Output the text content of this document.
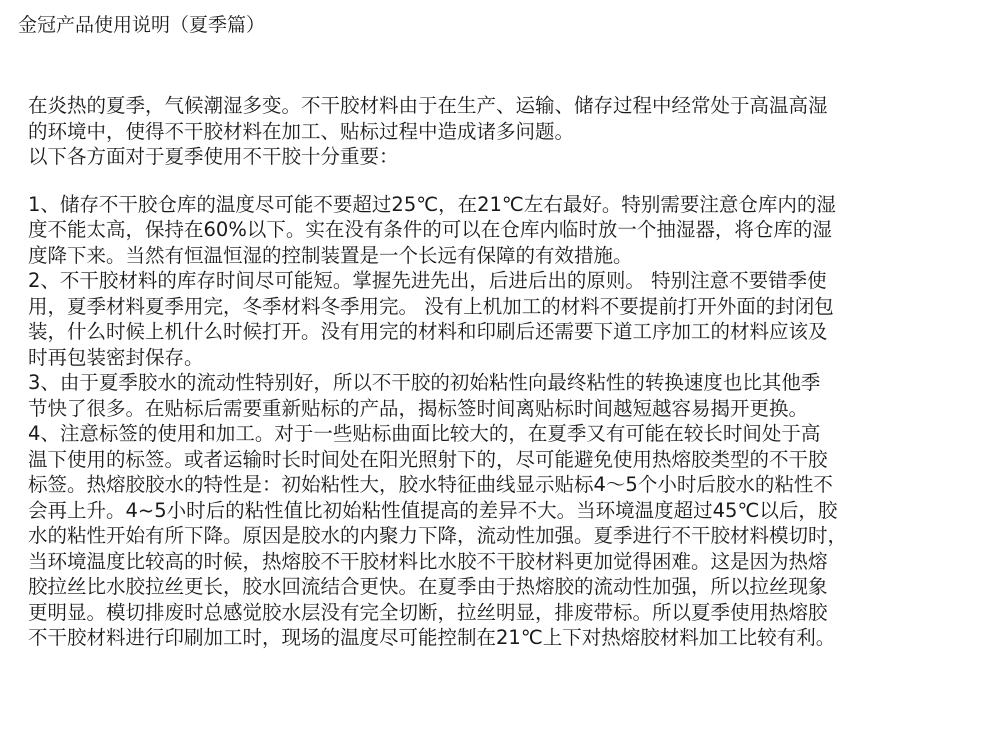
金冠产品使用说明（夏季篇）
在炎热的夏季，气候潮湿多变。不干胶材料由于在生产、运输、储存过程中经常处于高温高湿
的环境中，使得不干胶材料在加工、贴标过程中造成诸多问题。
以下各方面对于夏季使用不干胶十分重要：
1、储存不干胶仓库的温度尽可能不要超过25℃，在21℃左右最好。特别需要注意仓库内的湿
度不能太高，保持在60%以下。实在没有条件的可以在仓库内临时放一个抽湿器，将仓库的湿
度降下来。当然有恒温恒湿的控制装置是一个长远有保障的有效措施。
2、不干胶材料的库存时间尽可能短。掌握先进先出，后进后出的原则。 特别注意不要错季使
用，夏季材料夏季用完，冬季材料冬季用完。 没有上机加工的材料不要提前打开外面的封闭包
装，什么时候上机什么时候打开。没有用完的材料和印刷后还需要下道工序加工的材料应该及
时再包装密封保存。
3、由于夏季胶水的流动性特别好，所以不干胶的初始粘性向最终粘性的转换速度也比其他季
节快了很多。在贴标后需要重新贴标的产品，揭标签时间离贴标时间越短越容易揭开更换。
4、注意标签的使用和加工。对于一些贴标曲面比较大的，在夏季又有可能在较长时间处于高
温下使用的标签。或者运输时长时间处在阳光照射下的，尽可能避免使用热熔胶类型的不干胶
标签。热熔胶胶水的特性是：初始粘性大，胶水特征曲线显示贴标4～5个小时后胶水的粘性不
会再上升。4~5小时后的粘性值比初始粘性值提高的差异不大。当环境温度超过45℃以后，胶
水的粘性开始有所下降。原因是胶水的内聚力下降，流动性加强。夏季进行不干胶材料模切时，
当环境温度比较高的时候，热熔胶不干胶材料比水胶不干胶材料更加觉得困难。这是因为热熔
胶拉丝比水胶拉丝更长，胶水回流结合更快。在夏季由于热熔胶的流动性加强，所以拉丝现象
更明显。模切排废时总感觉胶水层没有完全切断，拉丝明显，排废带标。所以夏季使用热熔胶
不干胶材料进行印刷加工时，现场的温度尽可能控制在21℃上下对热熔胶材料加工比较有利。
